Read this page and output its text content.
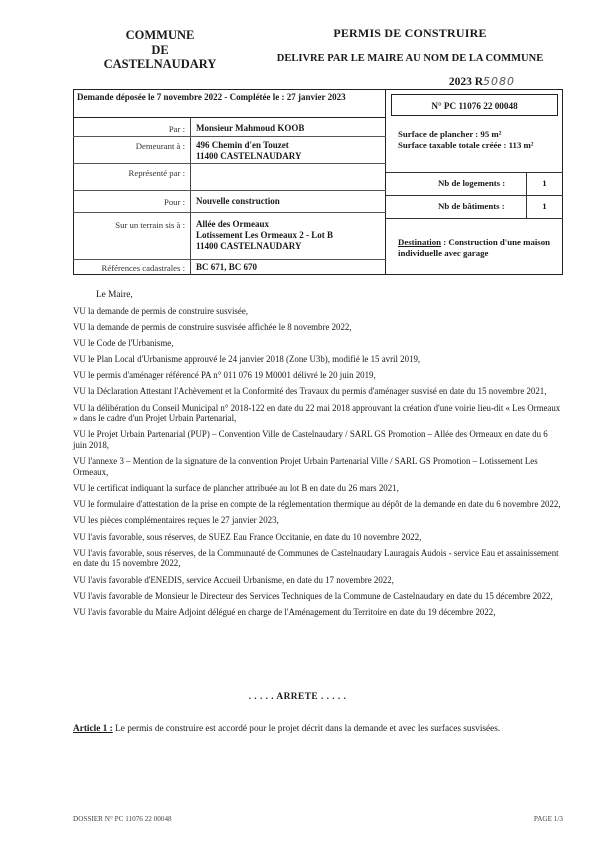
COMMUNE
DE
CASTELNAUDARY
PERMIS DE CONSTRUIRE
DELIVRE PAR LE MAIRE AU NOM DE LA COMMUNE
2023 R5080
Demande déposée le 7 novembre 2022 - Complétée le : 27 janvier 2023
N° PC 11076 22 00048
Par : Monsieur Mahmoud KOOB
Demeurant à : 496 Chemin d'en Touzet
11400 CASTELNAUDARY
Représenté par :
Pour : Nouvelle construction
Sur un terrain sis à : Allée des Ormeaux
Lotissement Les Ormeaux 2 - Lot B
11400 CASTELNAUDARY
Références cadastrales : BC 671, BC 670
Surface de plancher : 95 m²
Surface taxable totale créée : 113 m²
Nb de logements :	1
Nb de bâtiments :	1
Destination : Construction d'une maison individuelle avec garage
Le Maire,
VU la demande de permis de construire susvisée,
VU la demande de permis de construire susvisée affichée le 8 novembre 2022,
VU le Code de l'Urbanisme,
VU le Plan Local d'Urbanisme approuvé le 24 janvier 2018 (Zone U3b), modifié le 15 avril 2019,
VU le permis d'aménager référencé PA n° 011 076 19 M0001 délivré le 20 juin 2019,
VU la Déclaration Attestant l'Achèvement et la Conformité des Travaux du permis d'aménager susvisé en date du 15 novembre 2021,
VU la délibération du Conseil Municipal n° 2018-122 en date du 22 mai 2018 approuvant la création d'une voirie lieu-dit « Les Ormeaux » dans le cadre d'un Projet Urbain Partenarial,
VU le Projet Urbain Partenarial (PUP) – Convention Ville de Castelnaudary / SARL GS Promotion – Allée des Ormeaux en date du 6 juin 2018,
VU l'annexe 3 – Mention de la signature de la convention Projet Urbain Partenarial Ville / SARL GS Promotion – Lotissement Les Ormeaux,
VU le certificat indiquant la surface de plancher attribuée au lot B en date du 26 mars 2021,
VU le formulaire d'attestation de la prise en compte de la réglementation thermique au dépôt de la demande en date du 6 novembre 2022,
VU les pièces complémentaires reçues le 27 janvier 2023,
VU l'avis favorable, sous réserves, de SUEZ Eau France Occitanie, en date du 10 novembre 2022,
VU l'avis favorable, sous réserves, de la Communauté de Communes de Castelnaudary Lauragais Audois - service Eau et assainissement en date du 15 novembre 2022,
VU l'avis favorable d'ENEDIS, service Accueil Urbanisme, en date du 17 novembre 2022,
VU l'avis favorable de Monsieur le Directeur des Services Techniques de la Commune de Castelnaudary en date du 15 décembre 2022,
VU l'avis favorable du Maire Adjoint délégué en charge de l'Aménagement du Territoire en date du 19 décembre 2022,
. . . . . ARRETE . . . . .
Article 1 : Le permis de construire est accordé pour le projet décrit dans la demande et avec les surfaces susvisées.
DOSSIER N° PC 11076 22 00048	PAGE 1/3
